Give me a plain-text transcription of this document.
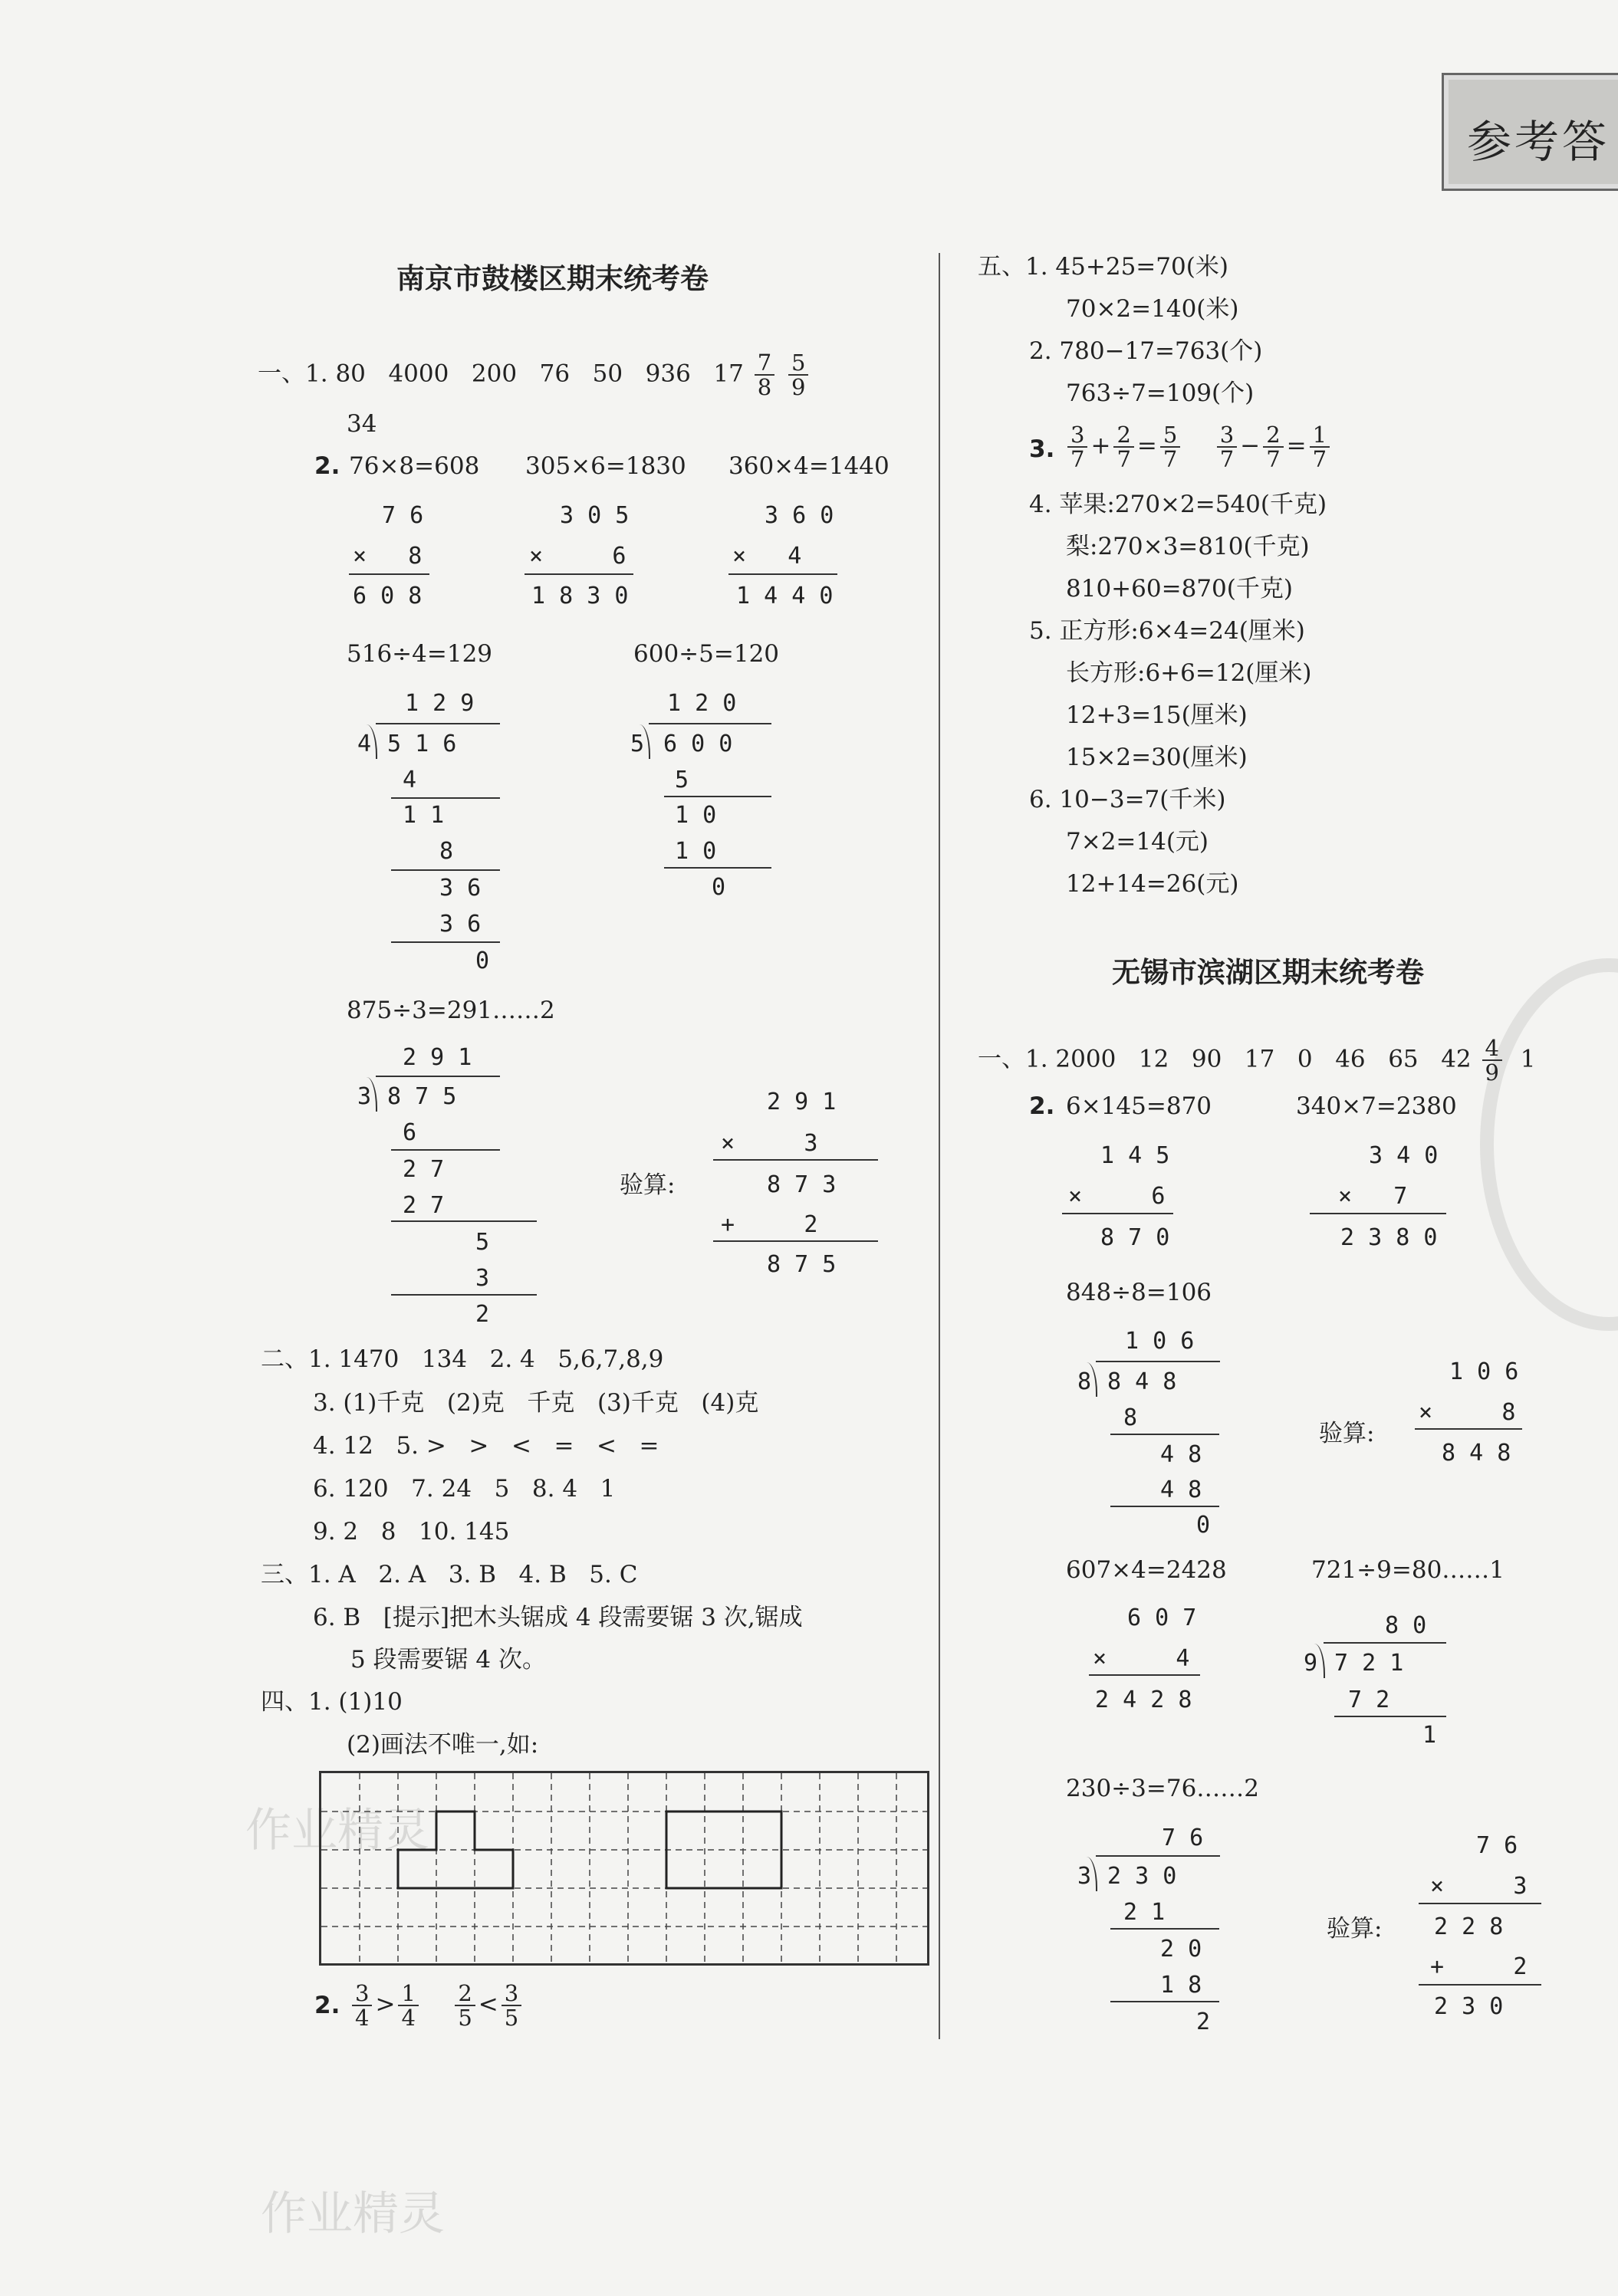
参考答
作业精灵
作业精灵
南京市鼓楼区期末统考卷
一、1. 80   4000   200   76   50   936   $17 \frac{7}{8}$
$\frac{5}{9}$
34
2. 76×8=608 305×6=1830 360×4=1440
7 6
×   8
6 0 8
3 0 5
×     6
1 8 3 0
3 6 0
×   4
1 4 4 0
516÷4=129	600÷5=120
1 2 9
4 5 1 6
4
1 1
8
3 6
3 6
0
1 2 0
5 6 0 0
5
1 0
1 0
0
875÷3=291……2
2 9 1
3 8 7 5
6
2 7
2 7
5
3
2
验算:
2 9 1
×     3
8 7 3
+     2
8 7 5
二、1. 1470   134   2. 4   5,6,7,8,9
3. (1)千克   (2)克   千克   (3)千克   (4)克
4. 12   5. >   >   <   =   <   =
6. 120   7. 24   5   8. 4   1
9. 2   8   10. 145
三、1. A   2. A   3. B   4. B   5. C
6. B   [提示]把木头锯成 4 段需要锯 3 次,锯成
5 段需要锯 4 次。
四、1. (1)10
(2)画法不唯一,如:
2. $\frac{3}{4} > \frac{1}{4}$
$\frac{2}{5} < \frac{3}{5}$
五、1. 45+25=70(米)
70×2=140(米)
2. 780−17=763(个)
763÷7=109(个)
3. $\frac{3}{7} + \frac{2}{7} = \frac{5}{7}$
$\frac{3}{7} - \frac{2}{7} = \frac{1}{7}$
4. 苹果:270×2=540(千克)
梨:270×3=810(千克)
810+60=870(千克)
5. 正方形:6×4=24(厘米)
长方形:6+6=12(厘米)
12+3=15(厘米)
15×2=30(厘米)
6. 10−3=7(千米)
7×2=14(元)
12+14=26(元)
无锡市滨湖区期末统考卷
一、1. 2000   12   90   17   0   46   65   $42 \frac{4}{9} 1$
2. 6×145=870	340×7=2380
1 4 5
×     6
8 7 0
3 4 0
×   7
2 3 8 0
848÷8=106
1 0 6
8 8 4 8
8
4 8
4 8
0
验算:
1 0 6
×     8
8 4 8
607×4=2428	721÷9=80……1
6 0 7
×     4
2 4 2 8
8 0
9 7 2 1
7 2
1
230÷3=76……2
7 6
3 2 3 0
2 1
2 0
1 8
2
验算:
7 6
×     3
2 2 8
+     2
2 3 0
